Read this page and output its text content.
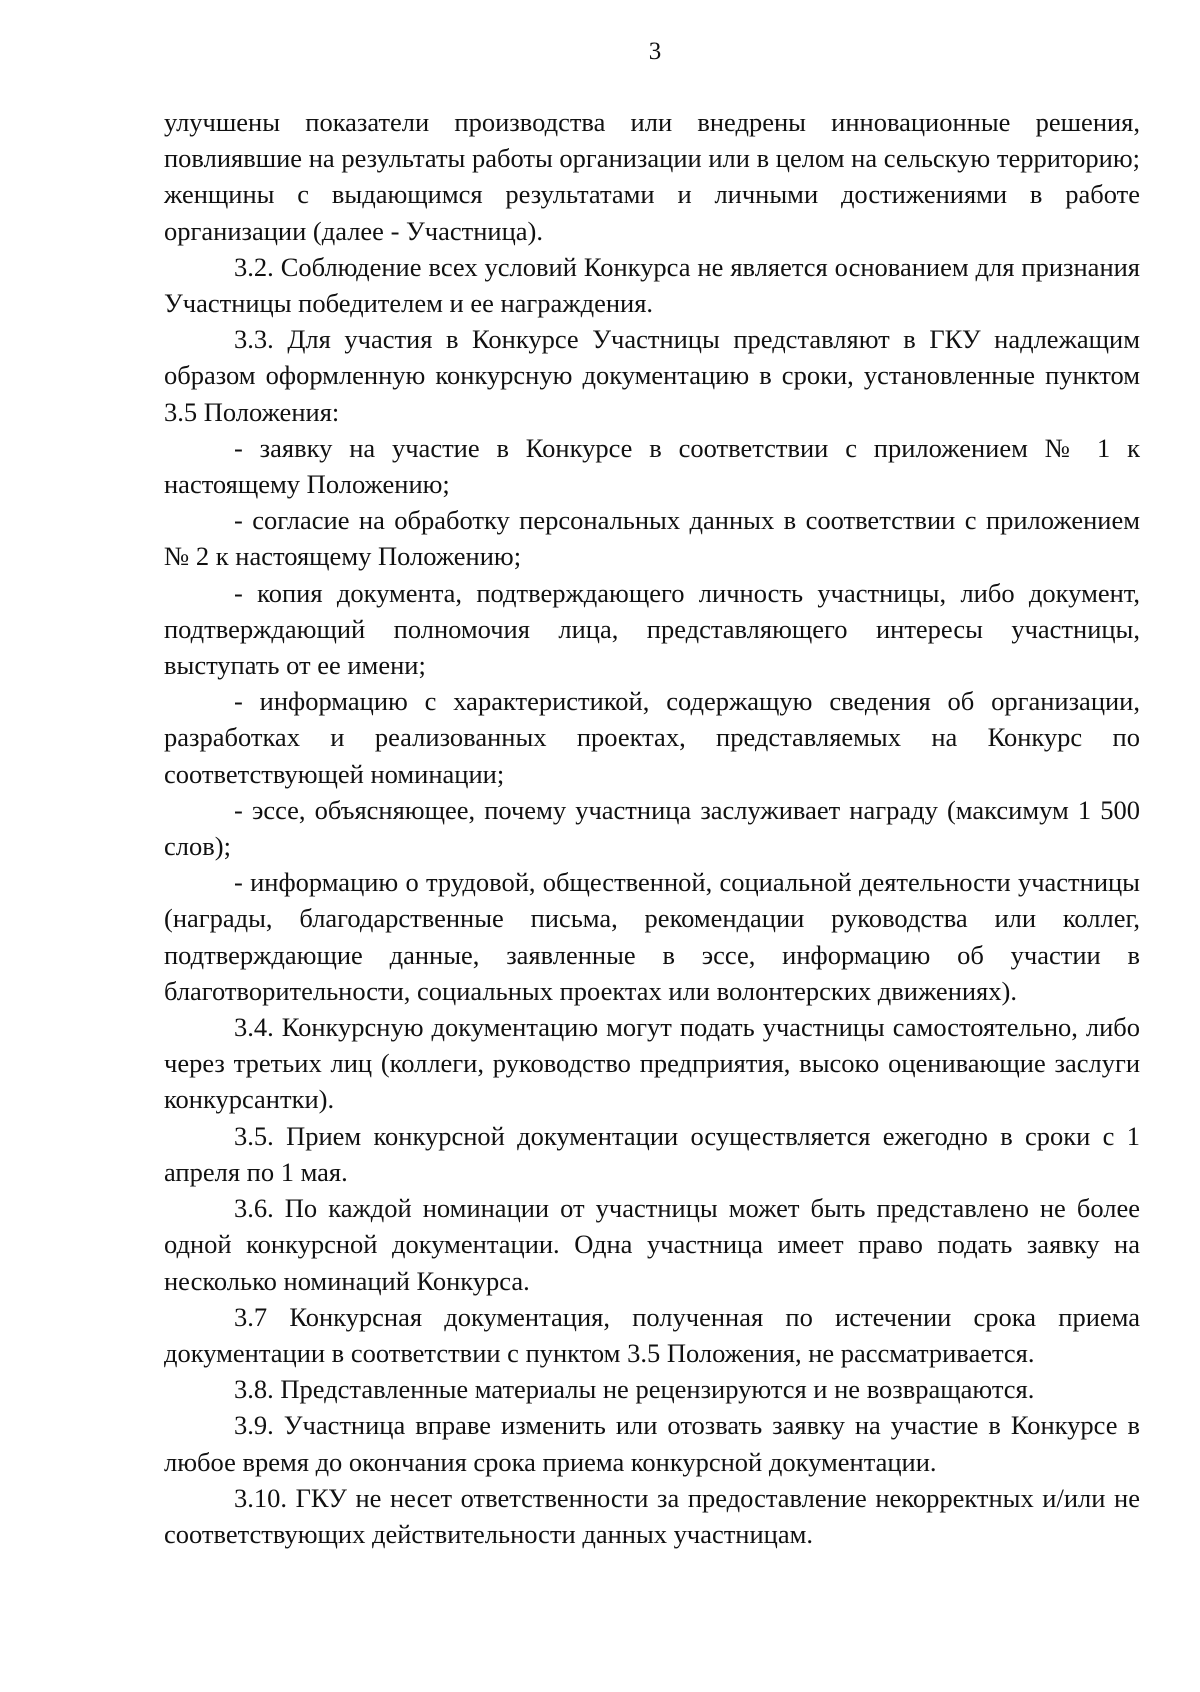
3

улучшены показатели производства или внедрены инновационные решения, повлиявшие на результаты работы организации или в целом на сельскую территорию; женщины с выдающимся результатами и личными достижениями в работе организации (далее - Участница).

3.2. Соблюдение всех условий Конкурса не является основанием для признания Участницы победителем и ее награждения.

3.3. Для участия в Конкурсе Участницы представляют в ГКУ надлежащим образом оформленную конкурсную документацию в сроки, установленные пунктом 3.5 Положения:

- заявку на участие в Конкурсе в соответствии с приложением № 1 к настоящему Положению;

- согласие на обработку персональных данных в соответствии с приложением № 2 к настоящему Положению;

- копия документа, подтверждающего личность участницы, либо документ, подтверждающий полномочия лица, представляющего интересы участницы, выступать от ее имени;

- информацию с характеристикой, содержащую сведения об организации, разработках и реализованных проектах, представляемых на Конкурс по соответствующей номинации;

- эссе, объясняющее, почему участница заслуживает награду (максимум 1 500 слов);

- информацию о трудовой, общественной, социальной деятельности участницы (награды, благодарственные письма, рекомендации руководства или коллег, подтверждающие данные, заявленные в эссе, информацию об участии в благотворительности, социальных проектах или волонтерских движениях).

3.4. Конкурсную документацию могут подать участницы самостоятельно, либо через третьих лиц (коллеги, руководство предприятия, высоко оценивающие заслуги конкурсантки).

3.5. Прием конкурсной документации осуществляется ежегодно в сроки с 1 апреля по 1 мая.

3.6. По каждой номинации от участницы может быть представлено не более одной конкурсной документации. Одна участница имеет право подать заявку на несколько номинаций Конкурса.

3.7 Конкурсная документация, полученная по истечении срока приема документации в соответствии с пунктом 3.5 Положения, не рассматривается.

3.8. Представленные материалы не рецензируются и не возвращаются.

3.9. Участница вправе изменить или отозвать заявку на участие в Конкурсе в любое время до окончания срока приема конкурсной документации.

3.10. ГКУ не несет ответственности за предоставление некорректных и/или не соответствующих действительности данных участницам.
